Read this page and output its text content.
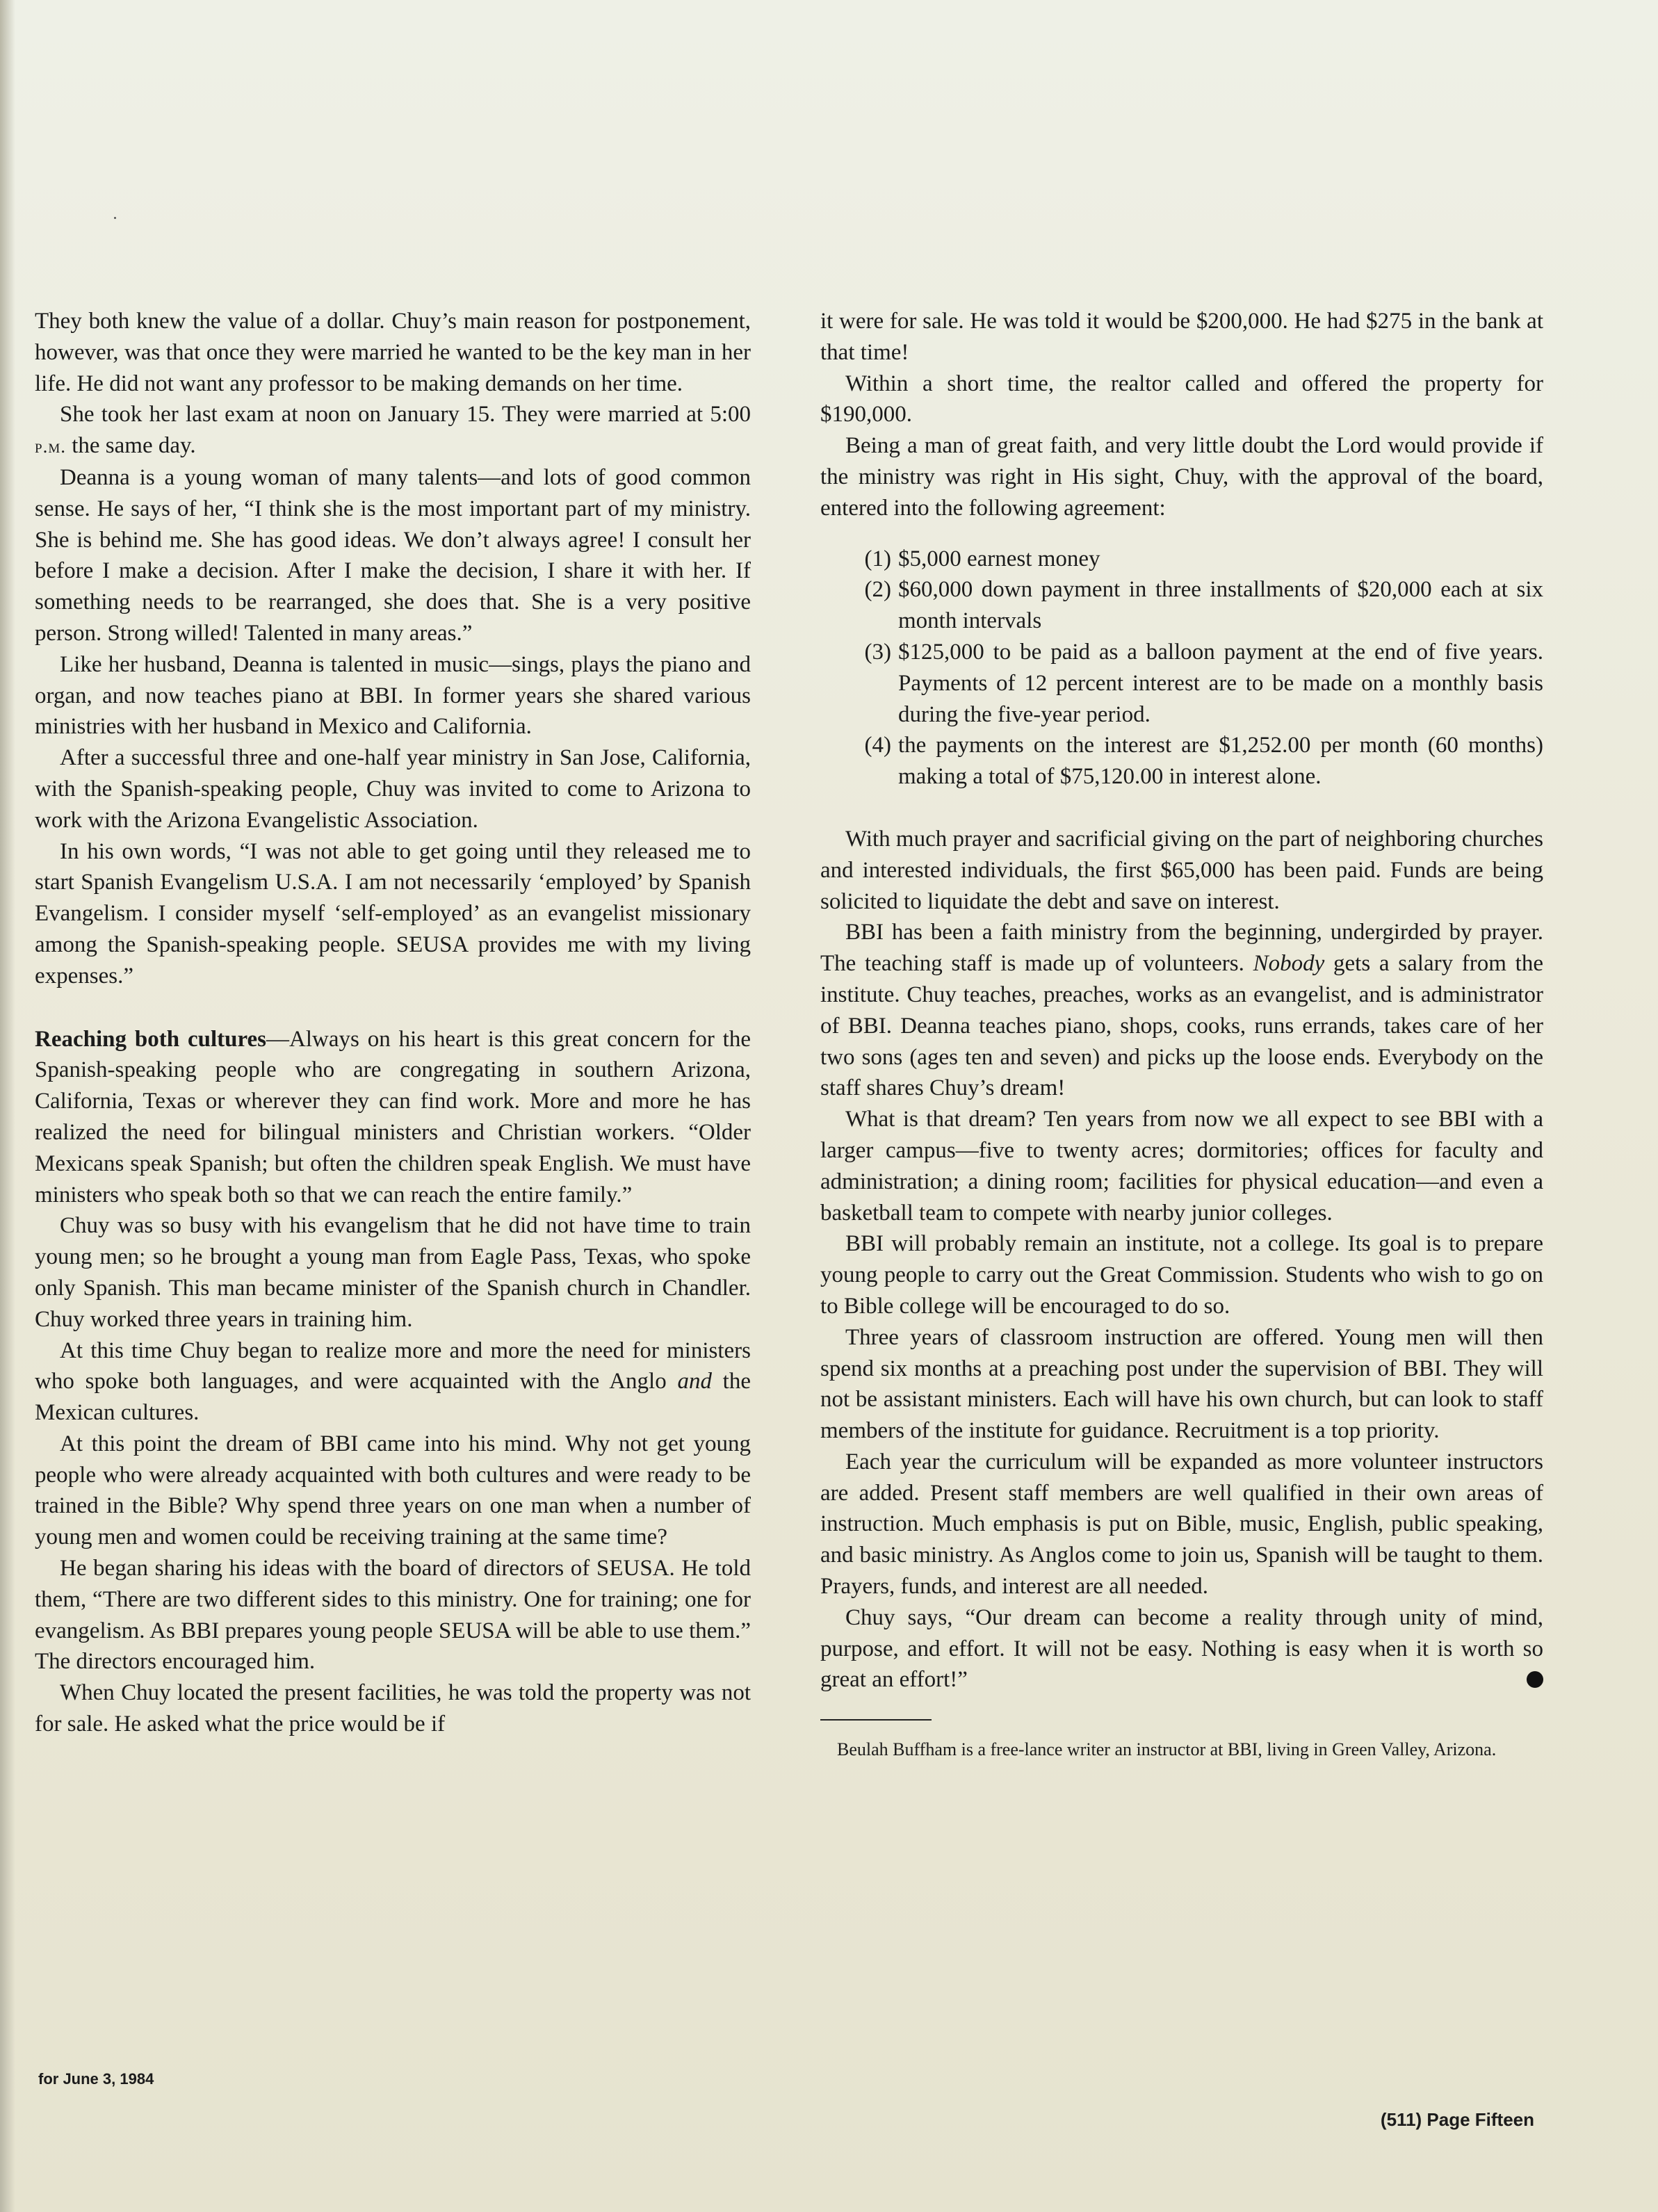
They both knew the value of a dollar. Chuy’s main reason for postponement, however, was that once they were married he wanted to be the key man in her life. He did not want any professor to be making demands on her time.

She took her last exam at noon on January 15. They were married at 5:00 p.m. the same day.

Deanna is a young woman of many talents—and lots of good common sense. He says of her, “I think she is the most important part of my ministry. She is behind me. She has good ideas. We don’t always agree! I consult her before I make a decision. After I make the decision, I share it with her. If something needs to be rearranged, she does that. She is a very positive person. Strong willed! Talented in many areas.”

Like her husband, Deanna is talented in music—sings, plays the piano and organ, and now teaches piano at BBI. In former years she shared various ministries with her husband in Mexico and California.

After a successful three and one-half year ministry in San Jose, California, with the Spanish-speaking people, Chuy was invited to come to Arizona to work with the Arizona Evangelistic Association.

In his own words, “I was not able to get going until they released me to start Spanish Evangelism U.S.A. I am not necessarily ‘employed’ by Spanish Evangelism. I consider myself ‘self-employed’ as an evangelist missionary among the Spanish-speaking people. SEUSA provides me with my living expenses.”

Reaching both cultures—Always on his heart is this great concern for the Spanish-speaking people who are congregating in southern Arizona, California, Texas or wherever they can find work. More and more he has realized the need for bilingual ministers and Christian workers. “Older Mexicans speak Spanish; but often the children speak English. We must have ministers who speak both so that we can reach the entire family.”

Chuy was so busy with his evangelism that he did not have time to train young men; so he brought a young man from Eagle Pass, Texas, who spoke only Spanish. This man became minister of the Spanish church in Chandler. Chuy worked three years in training him.

At this time Chuy began to realize more and more the need for ministers who spoke both languages, and were acquainted with the Anglo and the Mexican cultures.

At this point the dream of BBI came into his mind. Why not get young people who were already acquainted with both cultures and were ready to be trained in the Bible? Why spend three years on one man when a number of young men and women could be receiving training at the same time?

He began sharing his ideas with the board of directors of SEUSA. He told them, “There are two different sides to this ministry. One for training; one for evangelism. As BBI prepares young people SEUSA will be able to use them.” The directors encouraged him.

When Chuy located the present facilities, he was told the property was not for sale. He asked what the price would be if

it were for sale. He was told it would be $200,000. He had $275 in the bank at that time!

Within a short time, the realtor called and offered the property for $190,000.

Being a man of great faith, and very little doubt the Lord would provide if the ministry was right in His sight, Chuy, with the approval of the board, entered into the following agreement:

(1) $5,000 earnest money
(2) $60,000 down payment in three installments of $20,000 each at six month intervals
(3) $125,000 to be paid as a balloon payment at the end of five years. Payments of 12 percent interest are to be made on a monthly basis during the five-year period.
(4) the payments on the interest are $1,252.00 per month (60 months) making a total of $75,120.00 in interest alone.

With much prayer and sacrificial giving on the part of neighboring churches and interested individuals, the first $65,000 has been paid. Funds are being solicited to liquidate the debt and save on interest.

BBI has been a faith ministry from the beginning, undergirded by prayer. The teaching staff is made up of volunteers. Nobody gets a salary from the institute. Chuy teaches, preaches, works as an evangelist, and is administrator of BBI. Deanna teaches piano, shops, cooks, runs errands, takes care of her two sons (ages ten and seven) and picks up the loose ends. Everybody on the staff shares Chuy’s dream!

What is that dream? Ten years from now we all expect to see BBI with a larger campus—five to twenty acres; dormitories; offices for faculty and administration; a dining room; facilities for physical education—and even a basketball team to compete with nearby junior colleges.

BBI will probably remain an institute, not a college. Its goal is to prepare young people to carry out the Great Commission. Students who wish to go on to Bible college will be encouraged to do so.

Three years of classroom instruction are offered. Young men will then spend six months at a preaching post under the supervision of BBI. They will not be assistant ministers. Each will have his own church, but can look to staff members of the institute for guidance. Recruitment is a top priority.

Each year the curriculum will be expanded as more volunteer instructors are added. Present staff members are well qualified in their own areas of instruction. Much emphasis is put on Bible, music, English, public speaking, and basic ministry. As Anglos come to join us, Spanish will be taught to them. Prayers, funds, and interest are all needed.

Chuy says, “Our dream can become a reality through unity of mind, purpose, and effort. It will not be easy. Nothing is easy when it is worth so great an effort!”

Beulah Buffham is a free-lance writer an instructor at BBI, living in Green Valley, Arizona.
for June 3, 1984
(511) Page Fifteen
